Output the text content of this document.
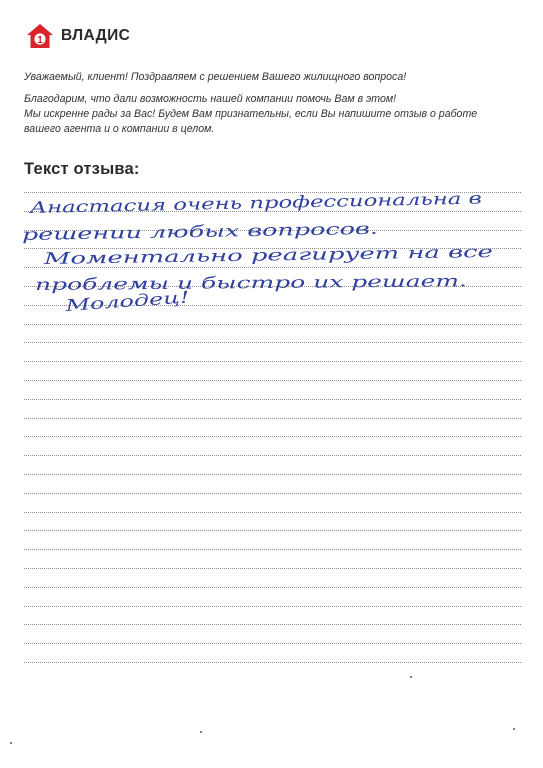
1 ВЛАДИС

Уважаемый, клиент! Поздравляем с решением Вашего жилищного вопроса!

Благодарим, что дали возможность нашей компании помочь Вам в этом!

Мы искренне рады за Вас! Будем Вам признательны, если Вы напишите отзыв о работе

вашего агента и о компании в целом.

Текст отзыва:
Анастасия очень профессиональна в
решении любых вопросов.
Моментально реагирует на все
проблемы и быстро их решает.
Молодец!
